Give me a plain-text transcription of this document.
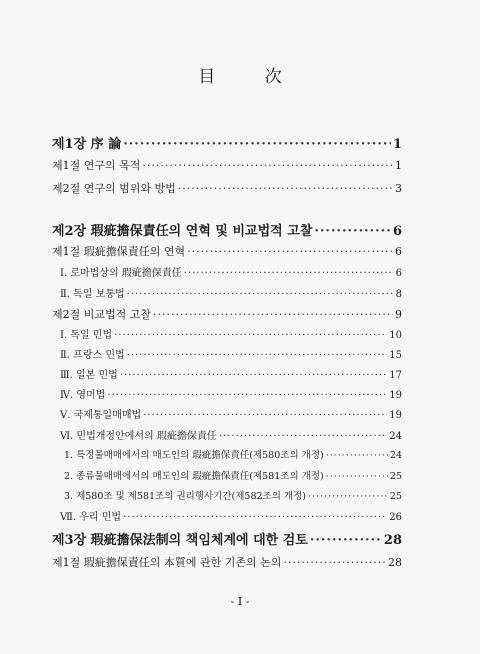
目 次
제1장 序 論 ·····	1
제1절 연구의 목적 ·····	1
제2절 연구의 범위와 방법 ·····	3
제2장 瑕疵擔保責任의 연혁 및 비교법적 고찰 ·····	6
제1절 瑕疵擔保責任의 연혁 ·····	6
Ⅰ. 로마법상의 瑕疵擔保責任 ·····	6
Ⅱ. 독일 보통법 ·····	8
제2절 비교법적 고찰 ·····	9
Ⅰ. 독일 민법 ·····	10
Ⅱ. 프랑스 민법 ·····	15
Ⅲ. 일본 민법 ·····	17
Ⅳ. 영미법 ·····	19
Ⅴ. 국제통일매매법 ·····	19
Ⅵ. 민법개정안에서의 瑕疵擔保責任 ·····	24
1. 특정물매매에서의 매도인의 瑕疵擔保責任(제580조의 개정) ·····	24
2. 종류물매매에서의 매도인의 瑕疵擔保責任(제581조의 개정) ·····	25
3. 제580조 및 제581조의 권리행사기간(제582조의 개정) ·····	25
Ⅶ. 우리 민법 ·····	26
제3장 瑕疵擔保法制의 책임체계에 대한 검토 ·····	28
제1절 瑕疵擔保責任의 本質에 관한 기존의 논의 ·····	28
- I -
